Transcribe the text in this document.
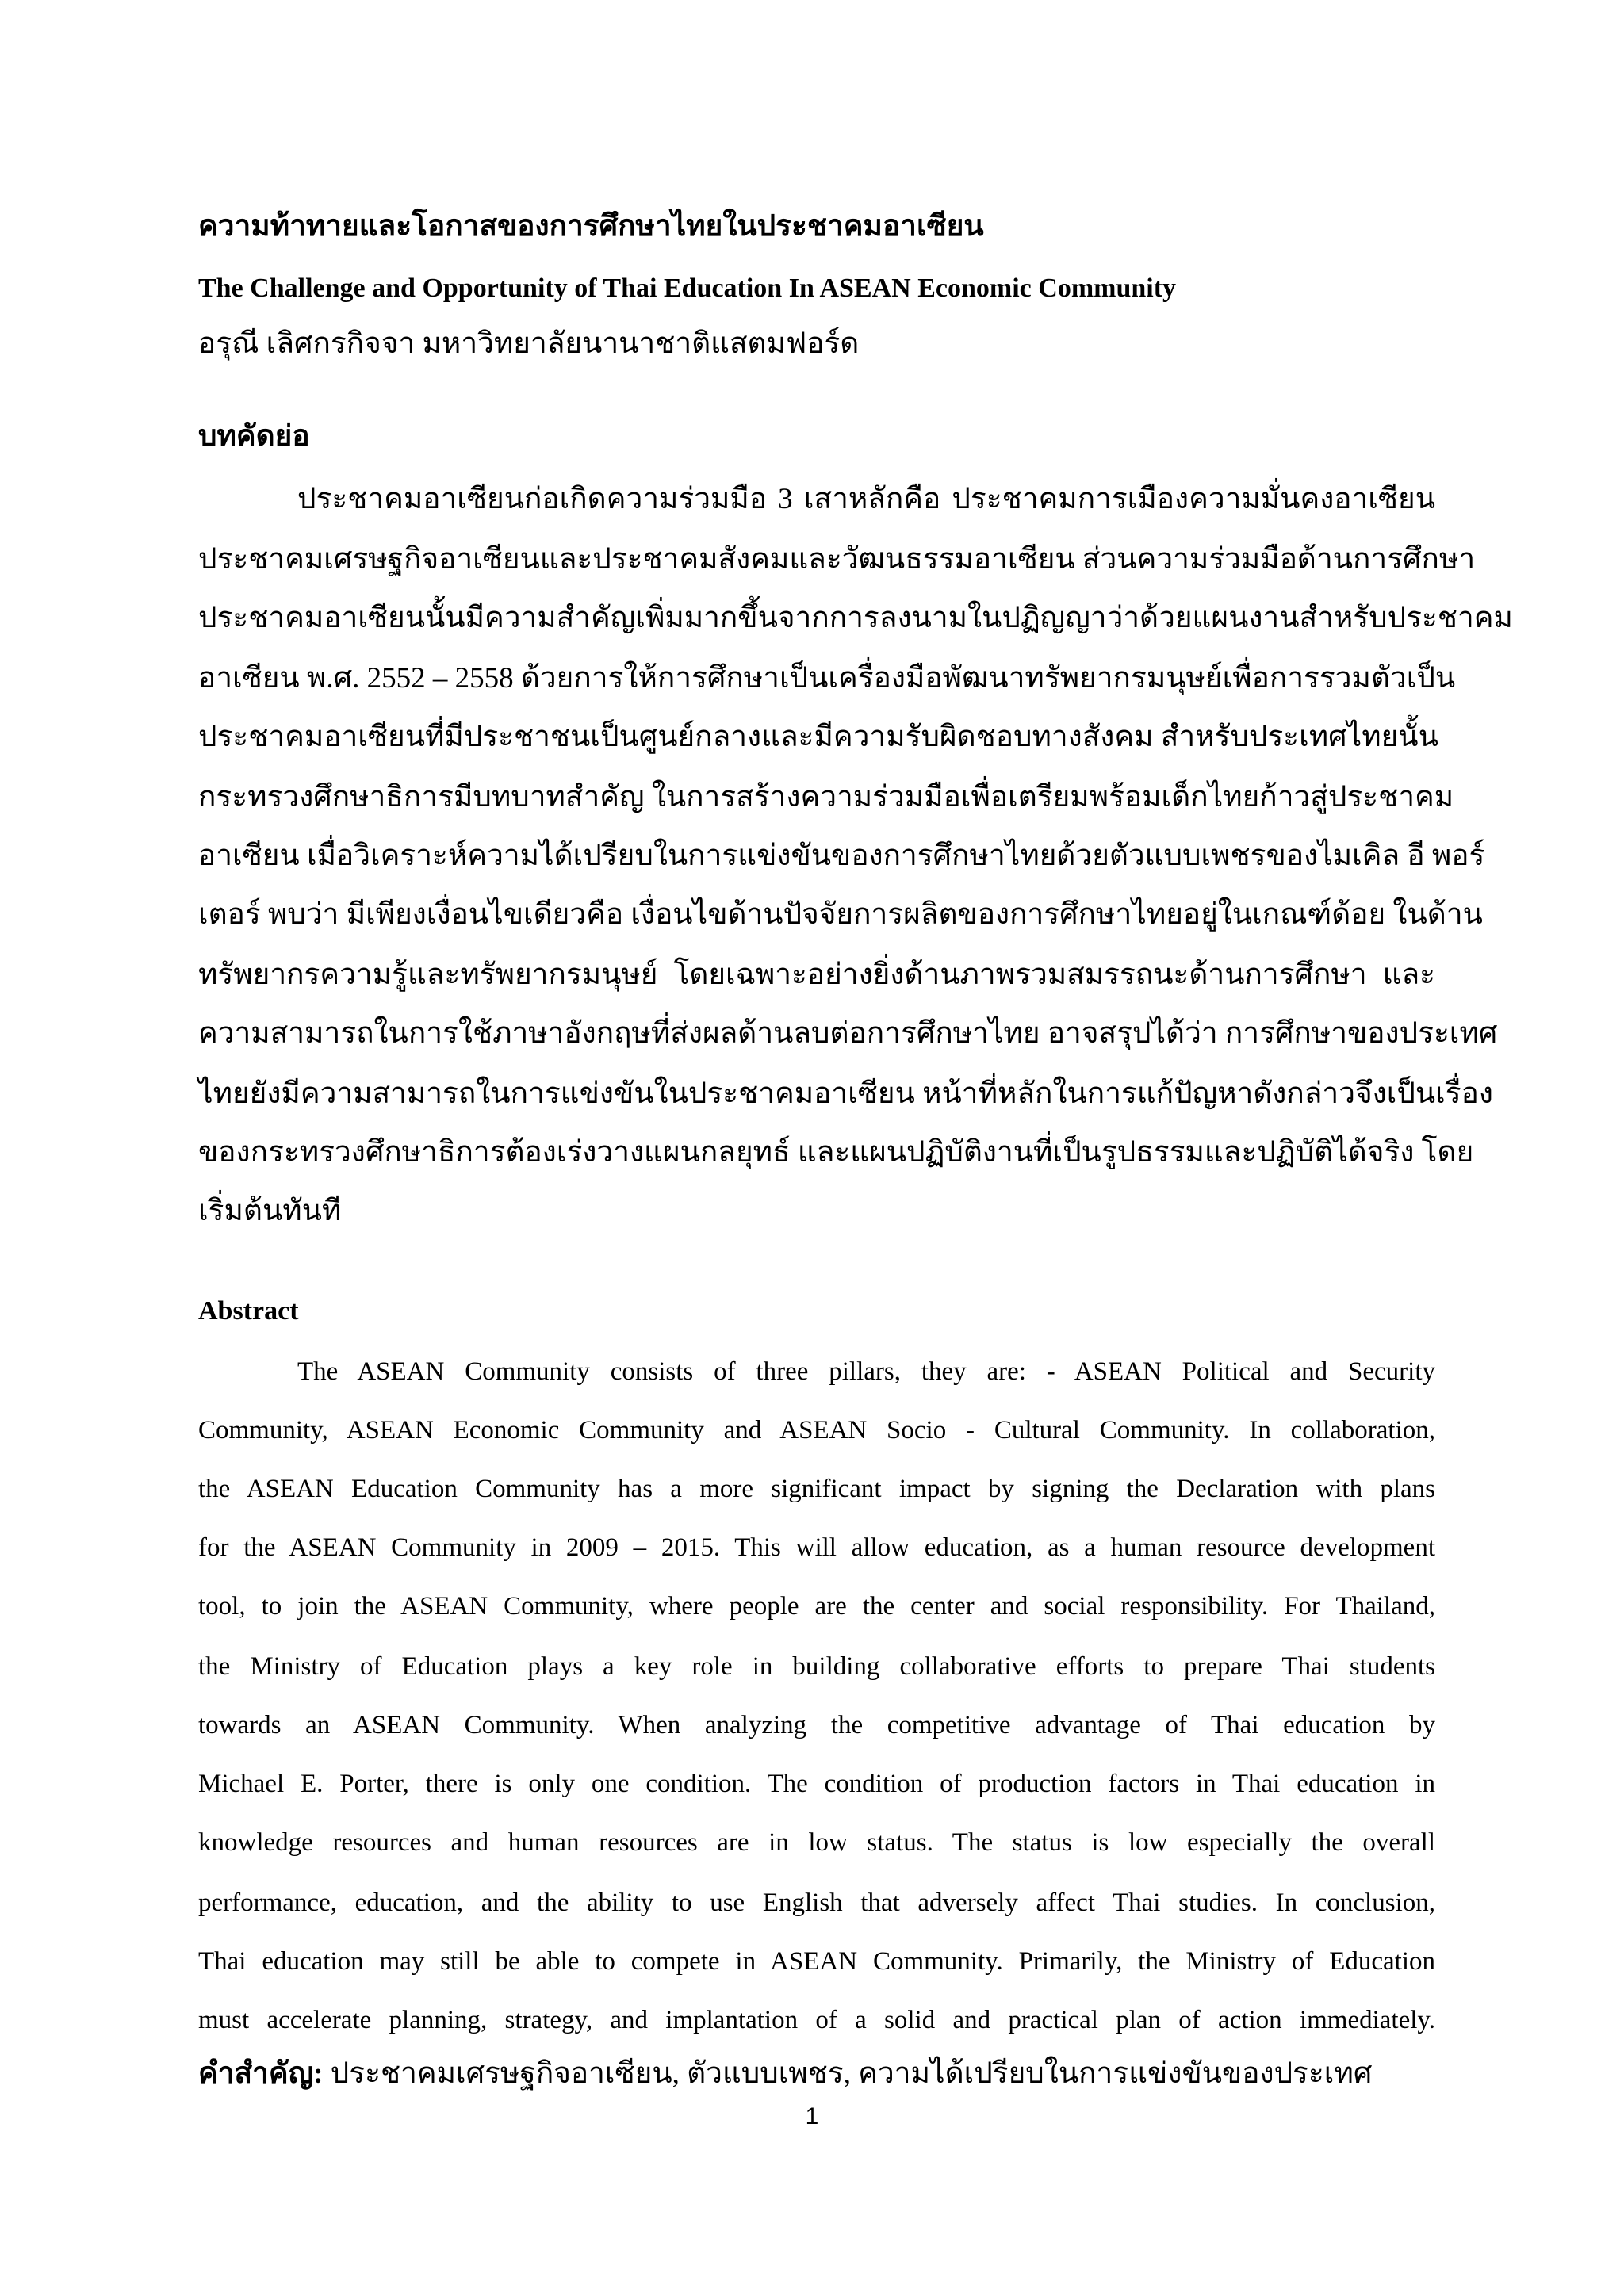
ความท้าทายและโอกาสของการศึกษาไทยในประชาคมอาเซียน
The Challenge and Opportunity of Thai Education In ASEAN Economic Community
อรุณี เลิศกรกิจจา มหาวิทยาลัยนานาชาติแสตมฟอร์ด
บทคัดย่อ
ประชาคมอาเซียนก่อเกิดความร่วมมือ 3 เสาหลักคือ ประชาคมการเมืองความมั่นคงอาเซียน
ประชาคมเศรษฐกิจอาเซียนและประชาคมสังคมและวัฒนธรรมอาเซียน ส่วนความร่วมมือด้านการศึกษา
ประชาคมอาเซียนนั้นมีความสำคัญเพิ่มมากขึ้นจากการลงนามในปฏิญญาว่าด้วยแผนงานสำหรับประชาคม
อาเซียน พ.ศ. 2552 – 2558 ด้วยการให้การศึกษาเป็นเครื่องมือพัฒนาทรัพยากรมนุษย์เพื่อการรวมตัวเป็น
ประชาคมอาเซียนที่มีประชาชนเป็นศูนย์กลางและมีความรับผิดชอบทางสังคม สำหรับประเทศไทยนั้น
กระทรวงศึกษาธิการมีบทบาทสำคัญ ในการสร้างความร่วมมือเพื่อเตรียมพร้อมเด็กไทยก้าวสู่ประชาคม
อาเซียน เมื่อวิเคราะห์ความได้เปรียบในการแข่งขันของการศึกษาไทยด้วยตัวแบบเพชรของไมเคิล อี พอร์
เตอร์ พบว่า มีเพียงเงื่อนไขเดียวคือ เงื่อนไขด้านปัจจัยการผลิตของการศึกษาไทยอยู่ในเกณฑ์ด้อย ในด้าน
ทรัพยากรความรู้และทรัพยากรมนุษย์ โดยเฉพาะอย่างยิ่งด้านภาพรวมสมรรถนะด้านการศึกษา และ
ความสามารถในการใช้ภาษาอังกฤษที่ส่งผลด้านลบต่อการศึกษาไทย อาจสรุปได้ว่า การศึกษาของประเทศ
ไทยยังมีความสามารถในการแข่งขันในประชาคมอาเซียน หน้าที่หลักในการแก้ปัญหาดังกล่าวจึงเป็นเรื่อง
ของกระทรวงศึกษาธิการต้องเร่งวางแผนกลยุทธ์ และแผนปฏิบัติงานที่เป็นรูปธรรมและปฏิบัติได้จริง โดย
เริ่มต้นทันที
Abstract
The ASEAN Community consists of three pillars, they are: - ASEAN Political and Security
Community, ASEAN Economic Community and ASEAN Socio - Cultural Community. In collaboration,
the ASEAN Education Community has a more significant impact by signing the Declaration with plans
for the ASEAN Community in 2009 – 2015. This will allow education, as a human resource development
tool, to join the ASEAN Community, where people are the center and social responsibility. For Thailand,
the Ministry of Education plays a key role in building collaborative efforts to prepare Thai students
towards an ASEAN Community. When analyzing the competitive advantage of Thai education by
Michael E. Porter, there is only one condition. The condition of production factors in Thai education in
knowledge resources and human resources are in low status. The status is low especially the overall
performance, education, and the ability to use English that adversely affect Thai studies. In conclusion,
Thai education may still be able to compete in ASEAN Community. Primarily, the Ministry of Education
must accelerate planning, strategy, and implantation of a solid and practical plan of action immediately.
คำสำคัญ: ประชาคมเศรษฐกิจอาเซียน, ตัวแบบเพชร, ความได้เปรียบในการแข่งขันของประเทศ
1
